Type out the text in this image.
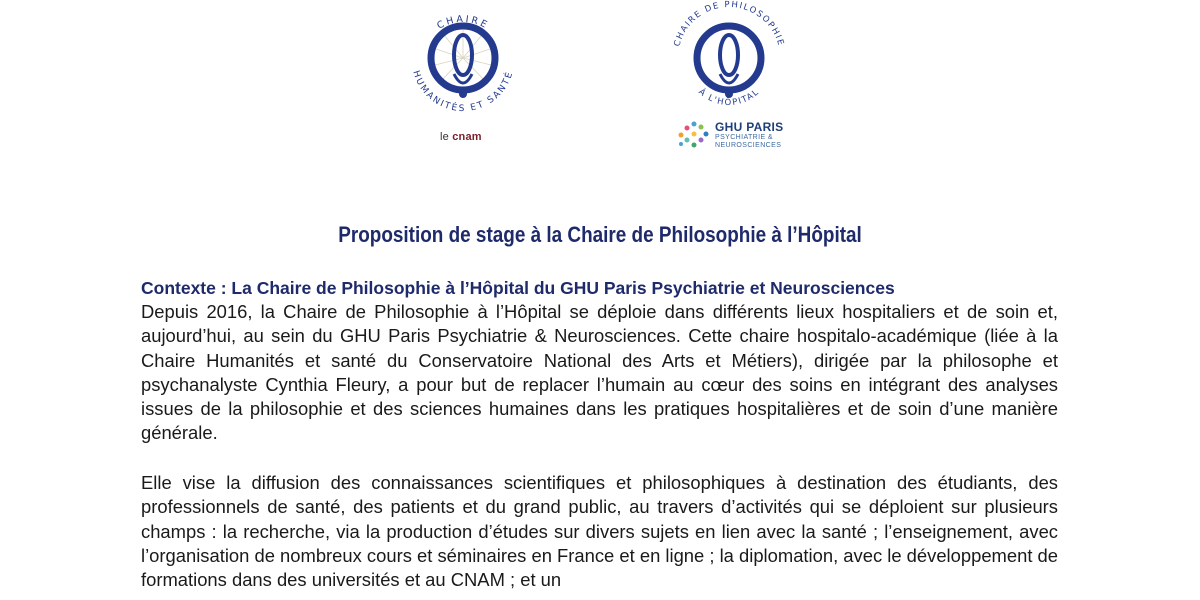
CHAIRE
HUMANITÉS ET SANTÉ
le cnam
CHAIRE DE PHILOSOPHIE
À L'HÔPITAL
GHU PARIS
PSYCHIATRIE &
NEUROSCIENCES
Proposition de stage à la Chaire de Philosophie à l’Hôpital
Contexte : La Chaire de Philosophie à l’Hôpital du GHU Paris Psychiatrie et Neurosciences

Depuis 2016, la Chaire de Philosophie à l’Hôpital se déploie dans différents lieux hospitaliers et de soin et, aujourd’hui, au sein du GHU Paris Psychiatrie & Neurosciences. Cette chaire hospitalo-académique (liée à la Chaire Humanités et santé du Conservatoire National des Arts et Métiers), dirigée par la philosophe et psychanalyste Cynthia Fleury, a pour but de replacer l’humain au cœur des soins en intégrant des analyses issues de la philosophie et des sciences humaines dans les pratiques hospitalières et de soin d’une manière générale.

Elle vise la diffusion des connaissances scientifiques et philosophiques à destination des étudiants, des professionnels de santé, des patients et du grand public, au travers d’activités qui se déploient sur plusieurs champs : la recherche, via la production d’études sur divers sujets en lien avec la santé ; l’enseignement, avec l’organisation de nombreux cours et séminaires en France et en ligne ; la diplomation, avec le développement de formations dans des universités et au CNAM ; et un
